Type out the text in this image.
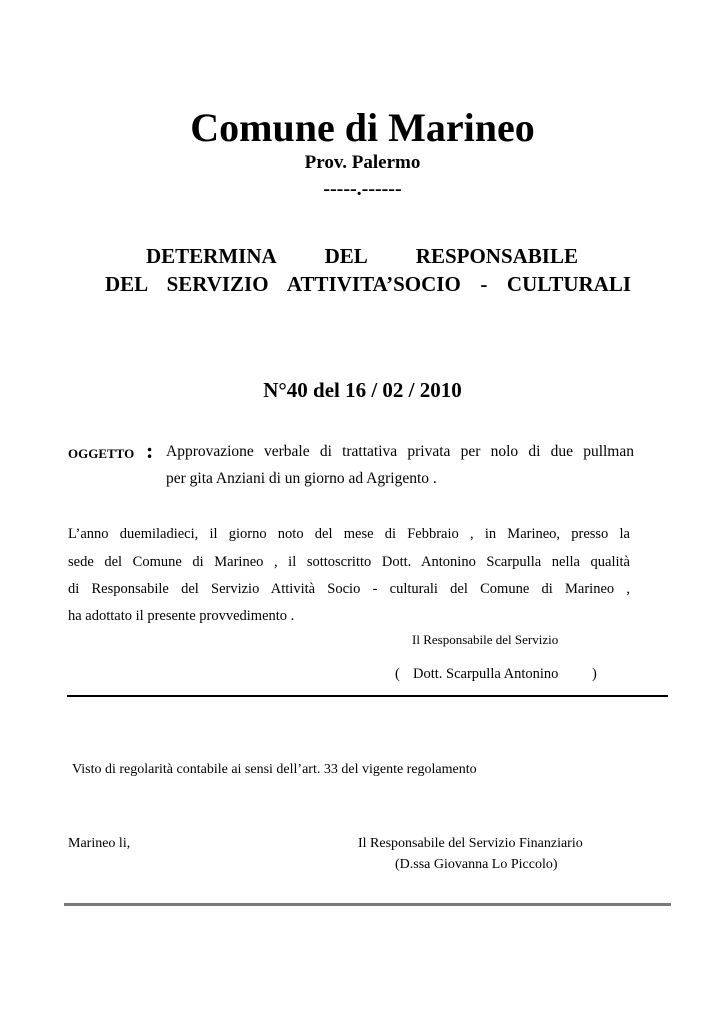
Comune di Marineo
Prov. Palermo
-----.------
DETERMINA DEL RESPONSABILE
DEL SERVIZIO ATTIVITA’SOCIO - CULTURALI
N°40 del 16 / 02 / 2010
OGGETTO : Approvazione verbale di trattativa privata per nolo di due pullman
per gita Anziani di un giorno ad Agrigento .
L’anno duemiladieci, il giorno noto del mese di Febbraio , in Marineo, presso la
sede del Comune di Marineo , il sottoscritto Dott. Antonino Scarpulla nella qualità
di Responsabile del Servizio Attività Socio - culturali del Comune di Marineo ,
ha adottato il presente provvedimento .
Il Responsabile del Servizio
( Dott. Scarpulla Antonino )
Visto di regolarità contabile ai sensi dell’art. 33 del vigente regolamento
Marineo li,	Il Responsabile del Servizio Finanziario
(D.ssa Giovanna Lo Piccolo)
